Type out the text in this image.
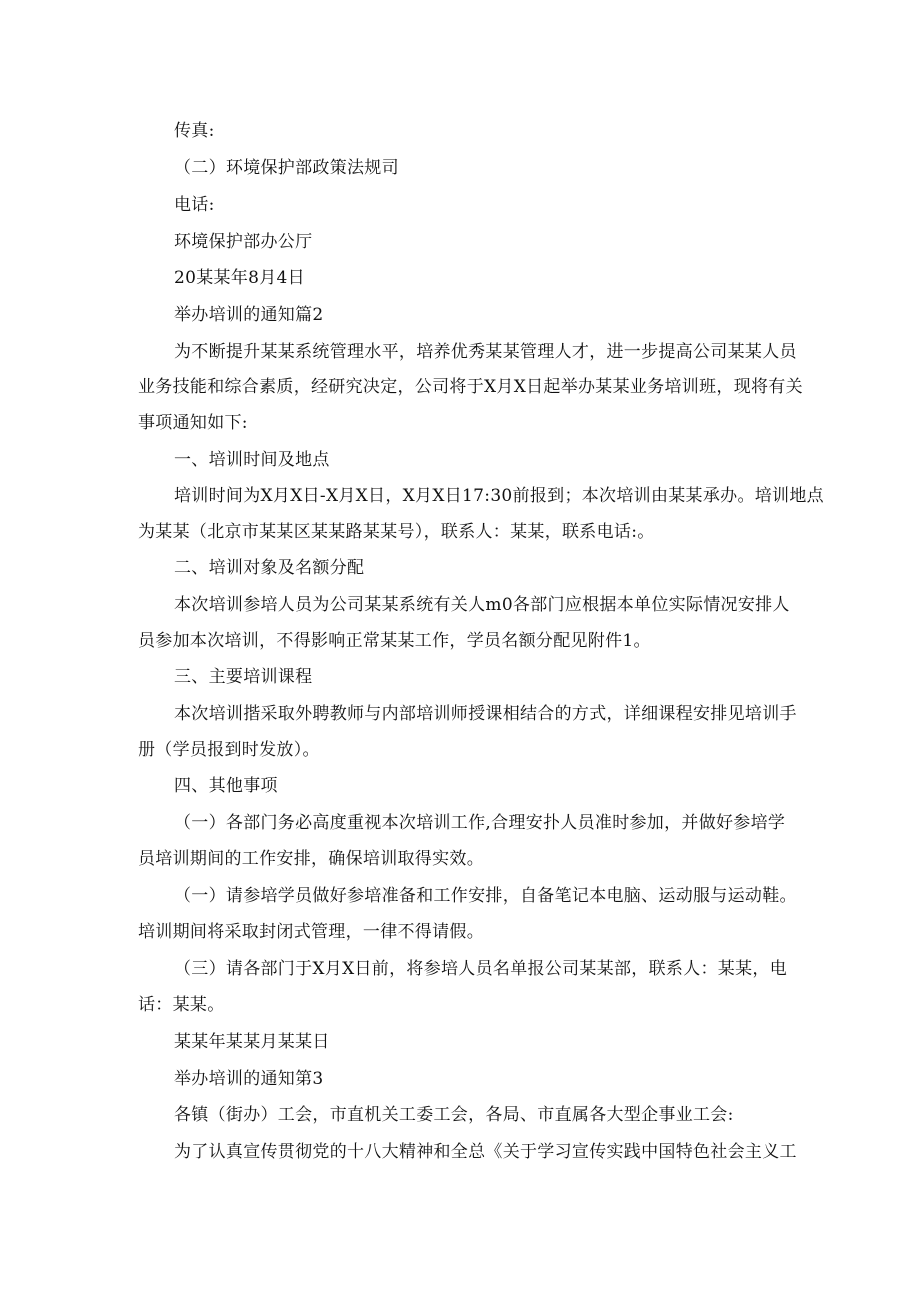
传真:
（二）环境保护部政策法规司
电话:
环境保护部办公厅
20某某年8月4日
举办培训的通知篇2
为不断提升某某系统管理水平，培养优秀某某管理人才，进一步提高公司某某人员
业务技能和综合素质，经研究决定，公司将于X月X日起举办某某业务培训班，现将有关
事项通知如下:
一、培训时间及地点
培训时间为X月X日-X月X日，X月X日17:30前报到；本次培训由某某承办。培训地点
为某某（北京市某某区某某路某某号），联系人：某某，联系电话:。
二、培训对象及名额分配
本次培训参培人员为公司某某系统有关人m0各部门应根据本单位实际情况安排人
员参加本次培训，不得影响正常某某工作，学员名额分配见附件1。
三、主要培训课程
本次培训揩采取外聘教师与内部培训师授课相结合的方式，详细课程安排见培训手
册（学员报到时发放）。
四、其他事项
（一）各部门务必高度重视本次培训工作,合理安扑人员准时参加，并做好参培学
员培训期间的工作安排，确保培训取得实效。
（一）请参培学员做好参培准备和工作安排，自备笔记本电脑、运动服与运动鞋。
培训期间将采取封闭式管理，一律不得请假。
（三）请各部门于X月X日前，将参培人员名单报公司某某部，联系人：某某，电
话：某某。
某某年某某月某某日
举办培训的通知第3
各镇（街办）工会，市直机关工委工会，各局、市直属各大型企事业工会:
为了认真宣传贯彻党的十八大精神和全总《关于学习宣传实践中国特色社会主义工
